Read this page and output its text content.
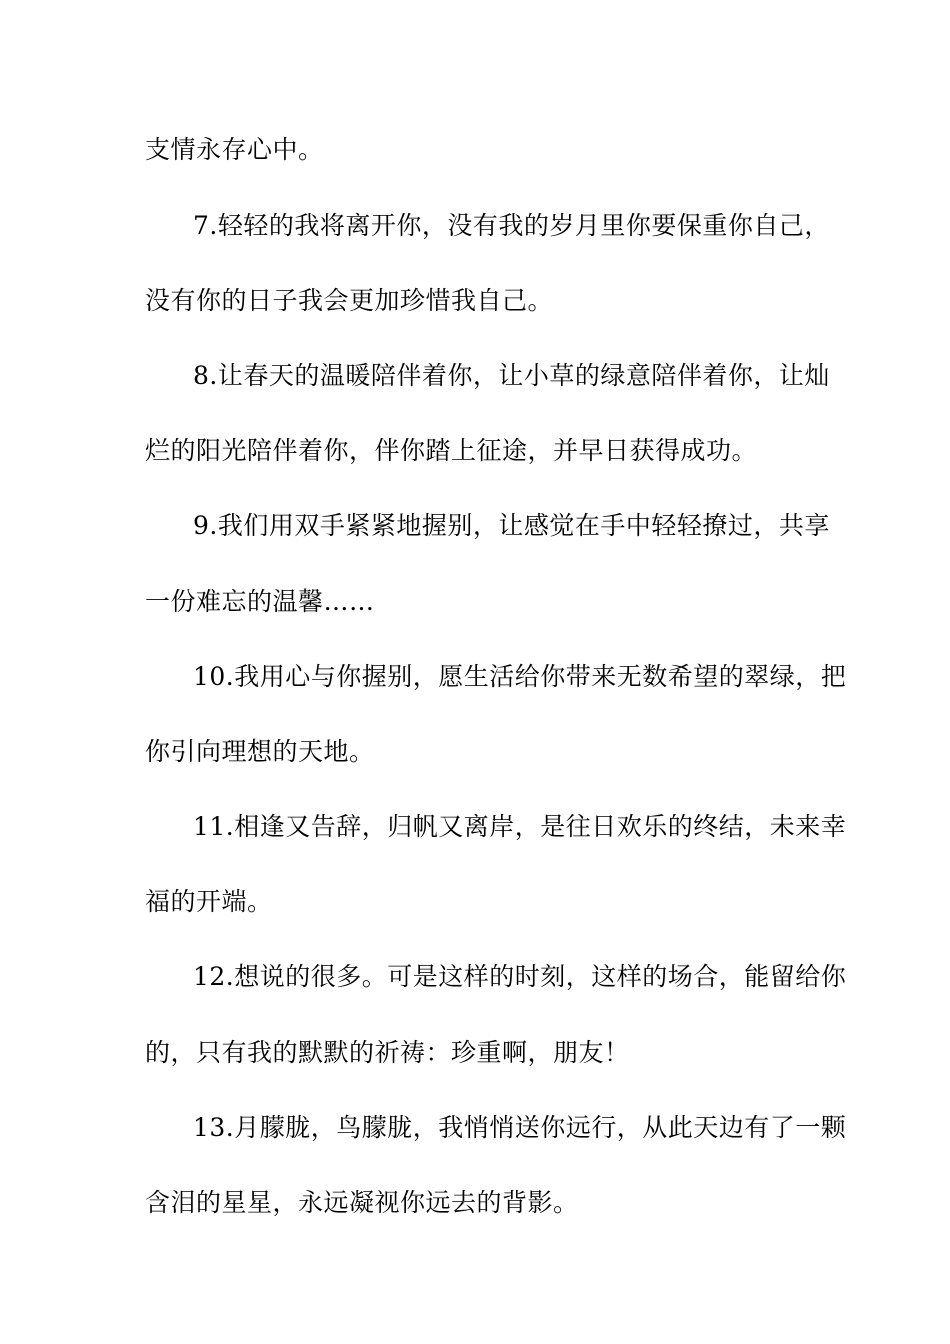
支情永存心中。
7.轻轻的我将离开你，没有我的岁月里你要保重你自己，
没有你的日子我会更加珍惜我自己。
8.让春天的温暖陪伴着你，让小草的绿意陪伴着你，让灿
烂的阳光陪伴着你，伴你踏上征途，并早日获得成功。
9.我们用双手紧紧地握别，让感觉在手中轻轻撩过，共享
一份难忘的温馨……
10.我用心与你握别，愿生活给你带来无数希望的翠绿，把
你引向理想的天地。
11.相逢又告辞，归帆又离岸，是往日欢乐的终结，未来幸
福的开端。
12.想说的很多。可是这样的时刻，这样的场合，能留给你
的，只有我的默默的祈祷：珍重啊，朋友！
13.月朦胧，鸟朦胧，我悄悄送你远行，从此天边有了一颗
含泪的星星，永远凝视你远去的背影。
